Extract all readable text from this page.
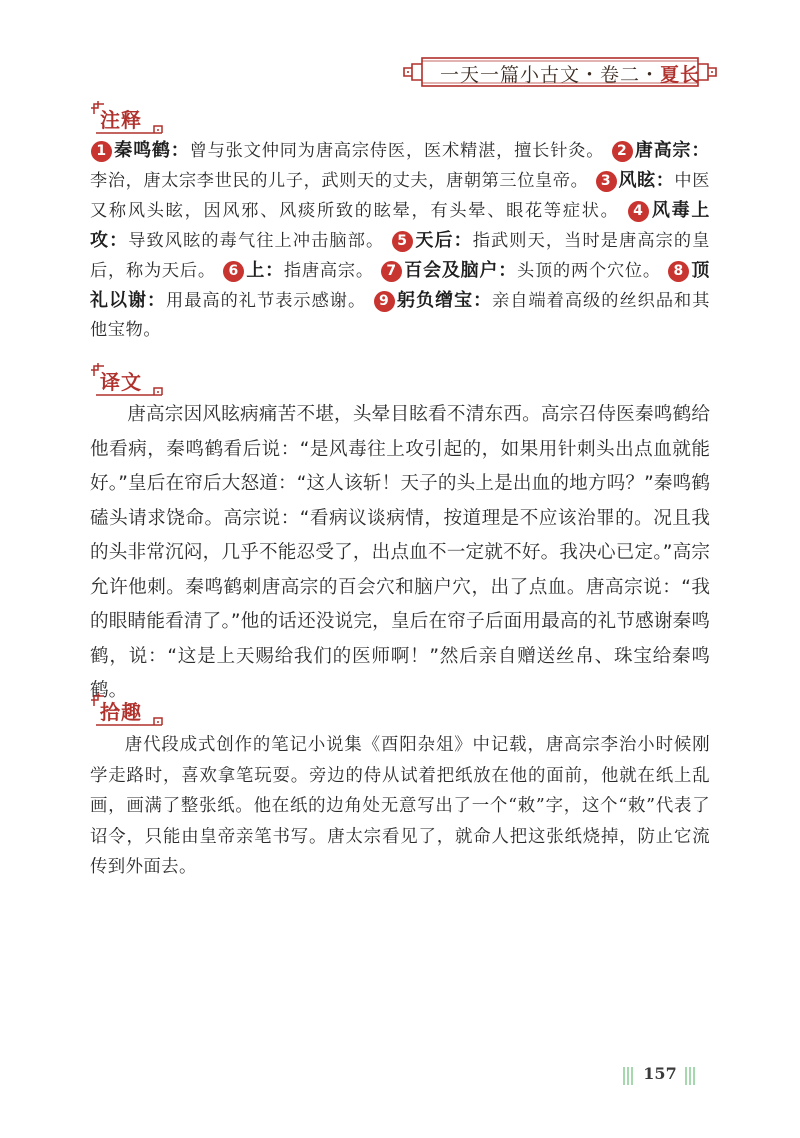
一天一篇小古文・卷二・夏长
注释
1 秦鸣鹤：曾与张文仲同为唐高宗侍医，医术精湛，擅长针灸。 2 唐高宗：李治，唐太宗李世民的儿子，武则天的丈夫，唐朝第三位皇帝。 3 风眩：中医又称风头眩，因风邪、风痰所致的眩晕，有头晕、眼花等症状。 4 风毒上攻：导致风眩的毒气往上冲击脑部。 5 天后：指武则天，当时是唐高宗的皇后，称为天后。 6 上：指唐高宗。 7 百会及脑户：头顶的两个穴位。 8 顶礼以谢：用最高的礼节表示感谢。 9 躬负缯宝：亲自端着高级的丝织品和其他宝物。
译文

唐高宗因风眩病痛苦不堪，头晕目眩看不清东西。高宗召侍医秦鸣鹤给他看病，秦鸣鹤看后说：“是风毒往上攻引起的，如果用针刺头出点血就能好。”皇后在帘后大怒道：“这人该斩！天子的头上是出血的地方吗？”秦鸣鹤磕头请求饶命。高宗说：“看病议谈病情，按道理是不应该治罪的。况且我的头非常沉闷，几乎不能忍受了，出点血不一定就不好。我决心已定。”高宗允许他刺。秦鸣鹤刺唐高宗的百会穴和脑户穴，出了点血。唐高宗说：“我的眼睛能看清了。”他的话还没说完，皇后在帘子后面用最高的礼节感谢秦鸣鹤，说：“这是上天赐给我们的医师啊！”然后亲自赠送丝帛、珠宝给秦鸣鹤。

拾趣

唐代段成式创作的笔记小说集《酉阳杂俎》中记载，唐高宗李治小时候刚学走路时，喜欢拿笔玩耍。旁边的侍从试着把纸放在他的面前，他就在纸上乱画，画满了整张纸。他在纸的边角处无意写出了一个“敕”字，这个“敕”代表了诏令，只能由皇帝亲笔书写。唐太宗看见了，就命人把这张纸烧掉，防止它流传到外面去。

157
